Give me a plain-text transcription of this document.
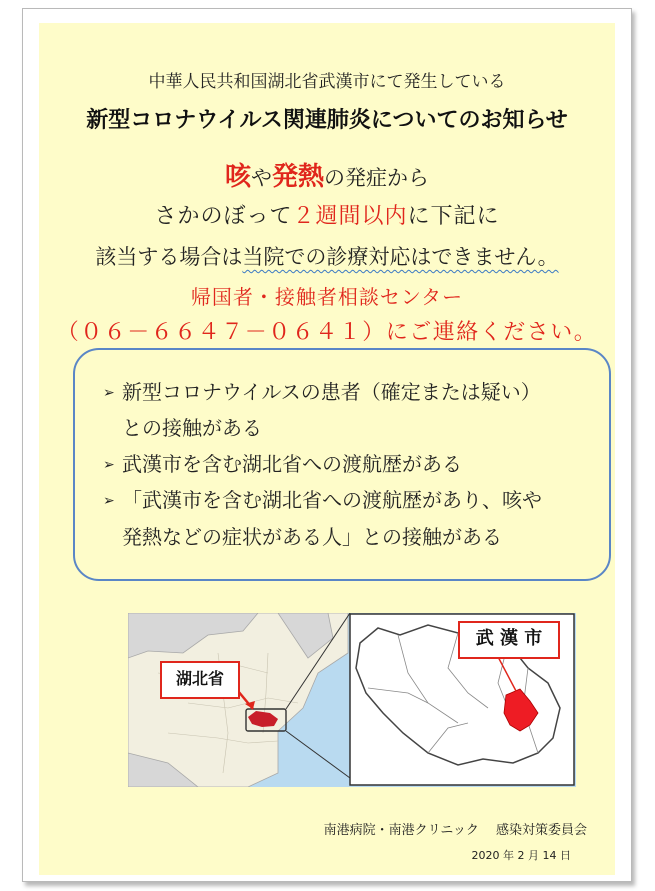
中華人民共和国湖北省武漢市にて発生している
新型コロナウイルス関連肺炎についてのお知らせ
咳や発熱の発症から
さかのぼって２週間以内に下記に
該当する場合は当院での診療対応はできません。
帰国者・接触者相談センター
（０６－６６４７－０６４１）にご連絡ください。
➢ 新型コロナウイルスの患者（確定または疑い）
との接触がある
➢ 武漢市を含む湖北省への渡航歴がある
➢ 「武漢市を含む湖北省への渡航歴があり、咳や
発熱などの症状がある人」との接触がある
湖北省
武 漢 市
南港病院・南港クリニック　 感染対策委員会
2020 年 2 月 14 日
